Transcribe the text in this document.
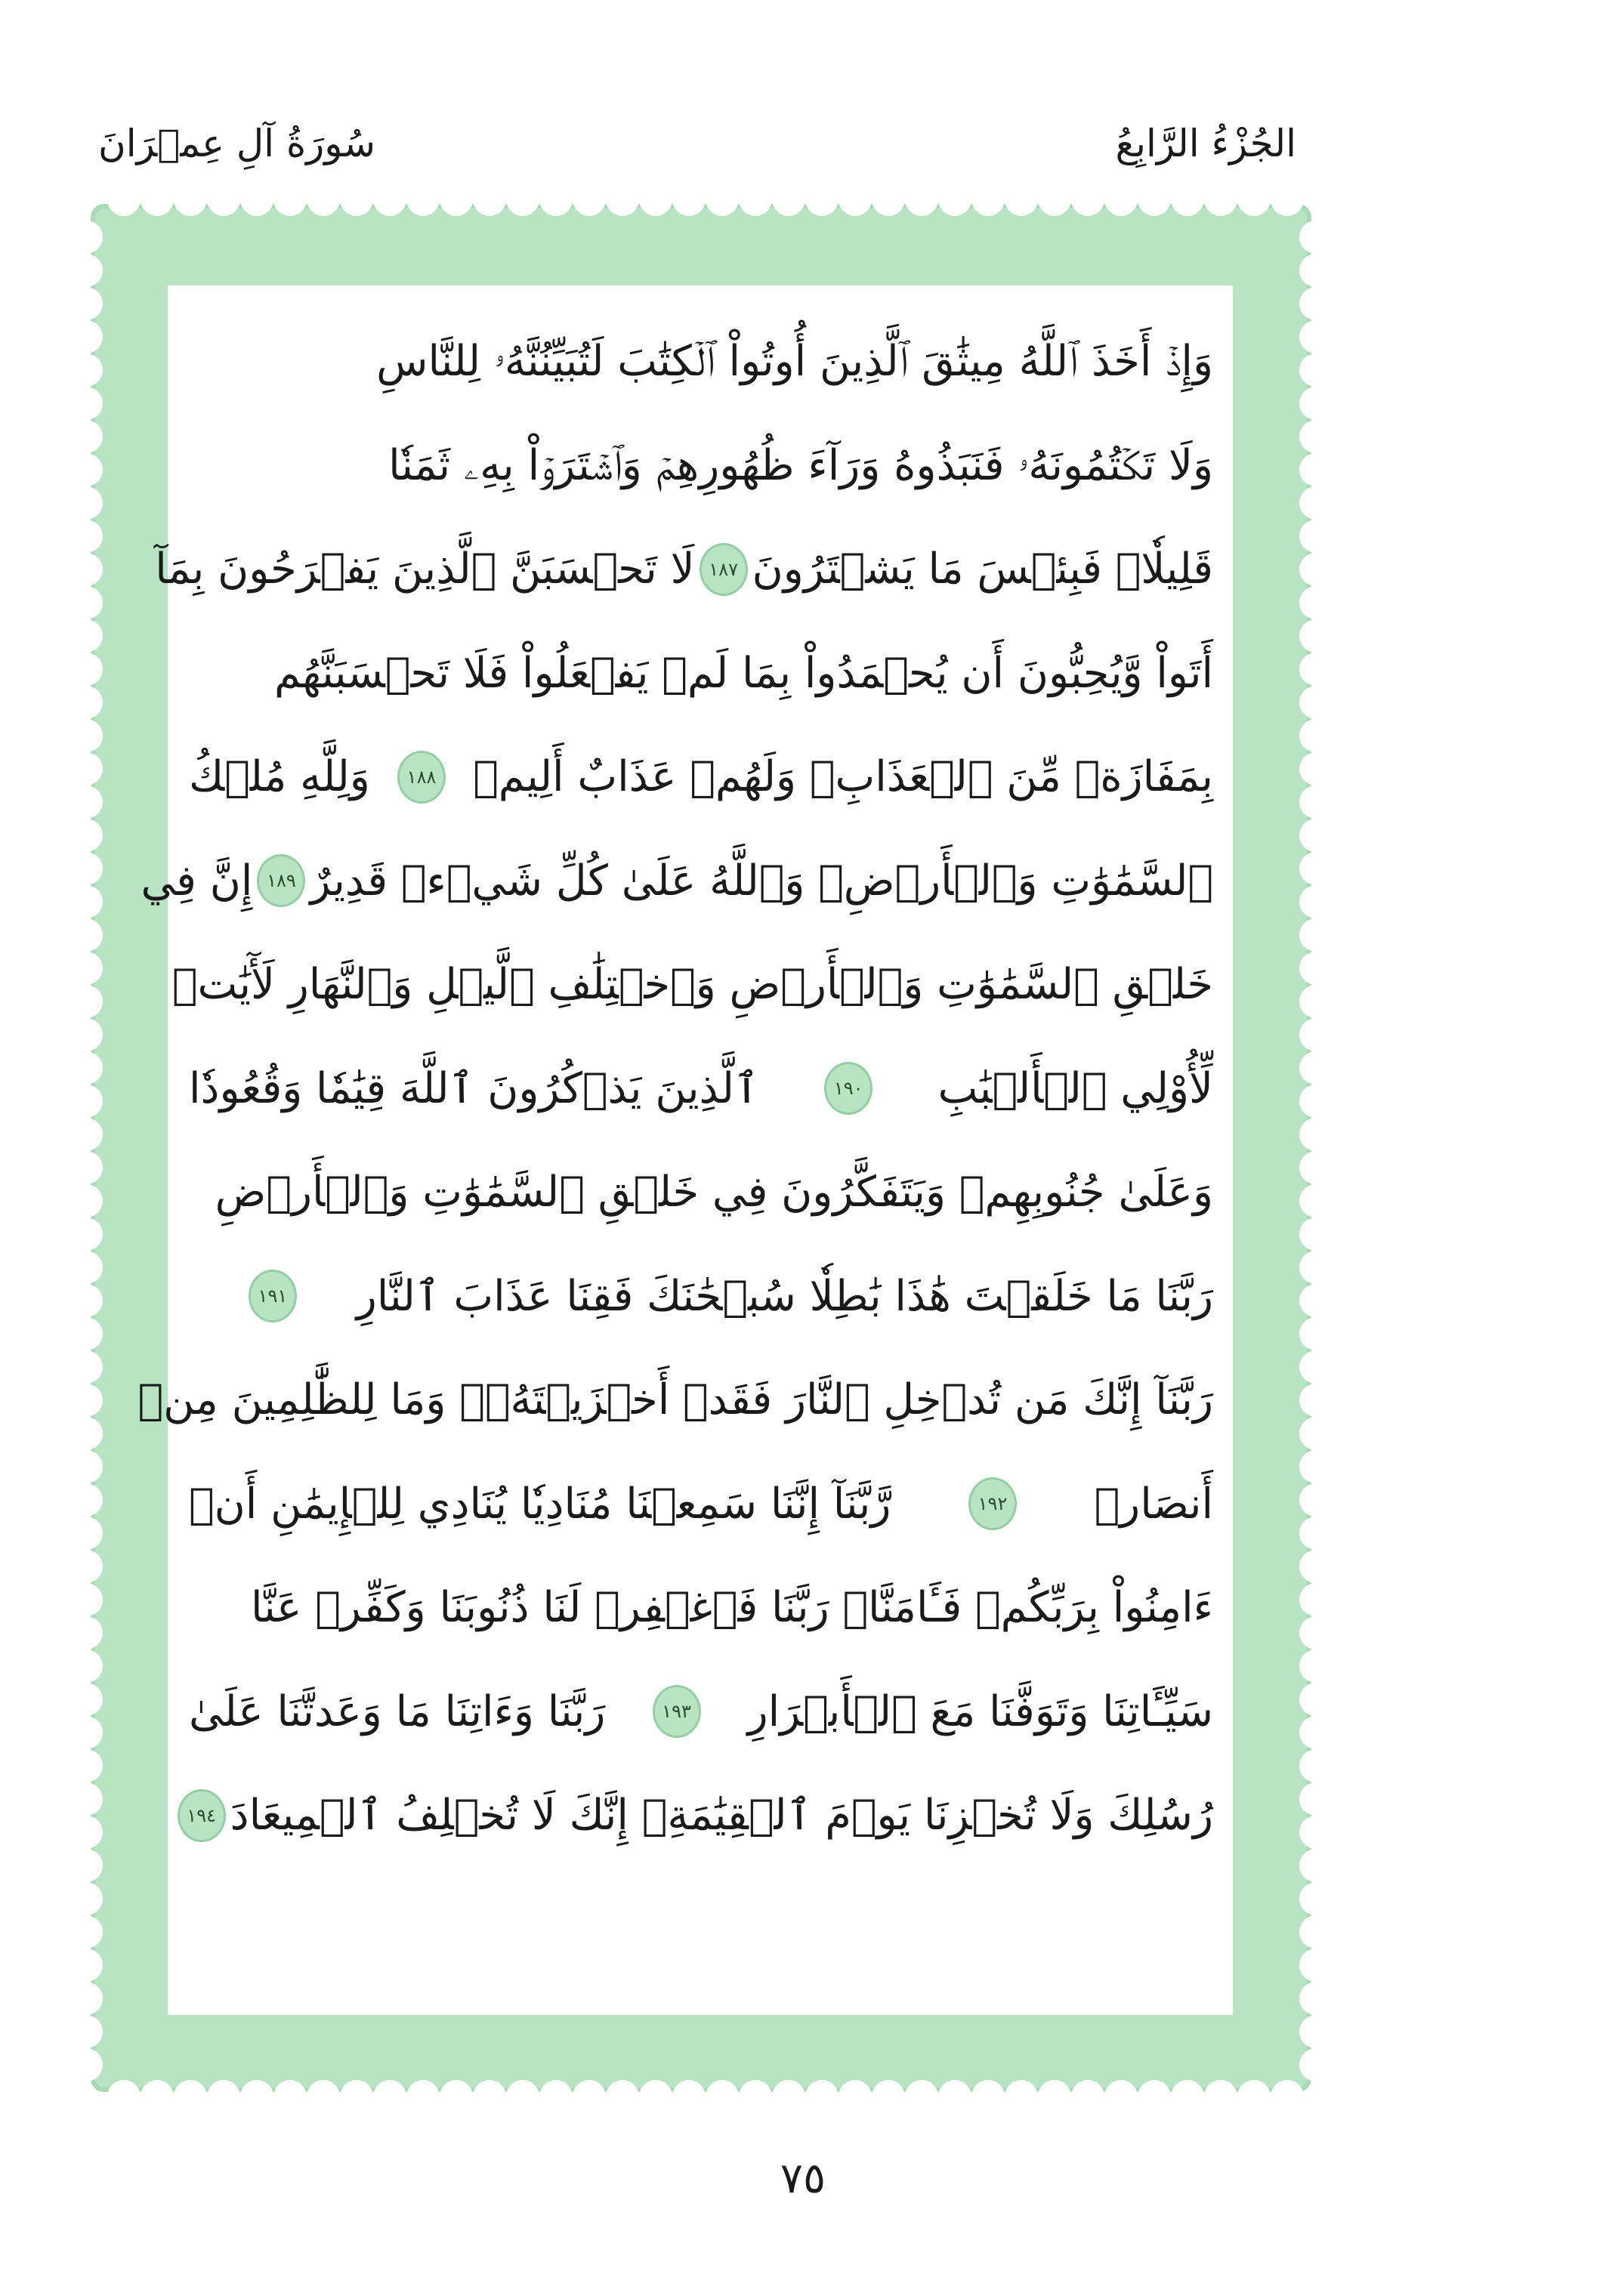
الجُزْءُ الرَّابِعُ
سُورَةُ آلِ عِمۡرَانَ
وَإِذۡ أَخَذَ ٱللَّهُ مِيثَٰقَ ٱلَّذِينَ أُوتُواْ ٱلۡكِتَٰبَ لَتُبَيِّنُنَّهُۥ لِلنَّاسِ
وَلَا تَكۡتُمُونَهُۥ فَنَبَذُوهُ وَرَآءَ ظُهُورِهِمۡ وَٱشۡتَرَوۡاْ بِهِۦ ثَمَنٗا
قَلِيلٗاۖ فَبِئۡسَ مَا يَشۡتَرُونَ
١٨٧
لَا تَحۡسَبَنَّ ٱلَّذِينَ يَفۡرَحُونَ بِمَآ
أَتَواْ وَّيُحِبُّونَ أَن يُحۡمَدُواْ بِمَا لَمۡ يَفۡعَلُواْ فَلَا تَحۡسَبَنَّهُم
بِمَفَازَةٖ مِّنَ ٱلۡعَذَابِۖ وَلَهُمۡ عَذَابٌ أَلِيمٞ
١٨٨
وَلِلَّهِ مُلۡكُ
ٱلسَّمَٰوَٰتِ وَٱلۡأَرۡضِۗ وَٱللَّهُ عَلَىٰ كُلِّ شَيۡءٖ قَدِيرٌ
١٨٩
إِنَّ فِي
خَلۡقِ ٱلسَّمَٰوَٰتِ وَٱلۡأَرۡضِ وَٱخۡتِلَٰفِ ٱلَّيۡلِ وَٱلنَّهَارِ لَأٓيَٰتٖ
لِّأُوْلِي ٱلۡأَلۡبَٰبِ
١٩٠
ٱلَّذِينَ يَذۡكُرُونَ ٱللَّهَ قِيَٰمٗا وَقُعُودٗا
وَعَلَىٰ جُنُوبِهِمۡ وَيَتَفَكَّرُونَ فِي خَلۡقِ ٱلسَّمَٰوَٰتِ وَٱلۡأَرۡضِ
رَبَّنَا مَا خَلَقۡتَ هَٰذَا بَٰطِلٗا سُبۡحَٰنَكَ فَقِنَا عَذَابَ ٱلنَّارِ
١٩١
رَبَّنَآ إِنَّكَ مَن تُدۡخِلِ ٱلنَّارَ فَقَدۡ أَخۡزَيۡتَهُۥۖ وَمَا لِلظَّٰلِمِينَ مِنۡ
أَنصَارٖ
١٩٢
رَّبَّنَآ إِنَّنَا سَمِعۡنَا مُنَادِيٗا يُنَادِي لِلۡإِيمَٰنِ أَنۡ
ءَامِنُواْ بِرَبِّكُمۡ فَـَٔامَنَّاۚ رَبَّنَا فَٱغۡفِرۡ لَنَا ذُنُوبَنَا وَكَفِّرۡ عَنَّا
سَيِّـَٔاتِنَا وَتَوَفَّنَا مَعَ ٱلۡأَبۡرَارِ
١٩٣
رَبَّنَا وَءَاتِنَا مَا وَعَدتَّنَا عَلَىٰ
رُسُلِكَ وَلَا تُخۡزِنَا يَوۡمَ ٱلۡقِيَٰمَةِۖ إِنَّكَ لَا تُخۡلِفُ ٱلۡمِيعَادَ
١٩٤
٧٥
